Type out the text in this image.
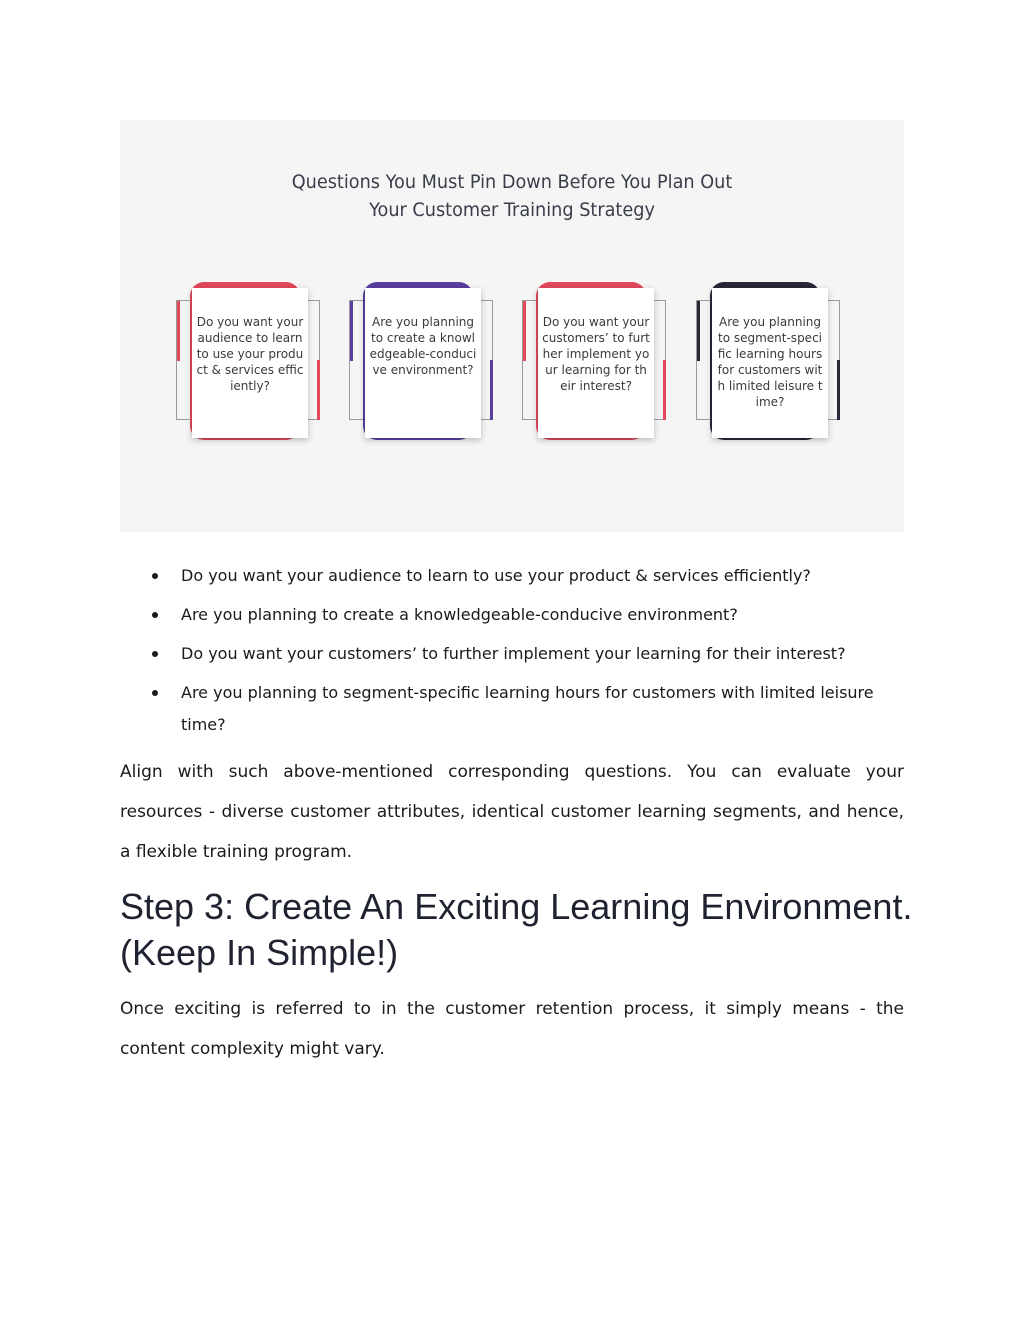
Questions You Must Pin Down Before You Plan Out
Your Customer Training Strategy
Do you want your audience to learn to use your product & services efficiently?
Are you planning to create a knowledgeable-conducive environment?
Do you want your customers’ to further implement your learning for their interest?
Are you planning to segment-specific learning hours for customers with limited leisure time?
Do you want your audience to learn to use your product & services efficiently?
Are you planning to create a knowledgeable-conducive environment?
Do you want your customers’ to further implement your learning for their interest?
Are you planning to segment-specific learning hours for customers with limited leisure time?

Align with such above-mentioned corresponding questions. You can evaluate your resources - diverse customer attributes, identical customer learning segments, and hence, a flexible training program.

Step 3: Create An Exciting Learning Environment. (Keep In Simple!)

Once exciting is referred to in the customer retention process, it simply means - the content complexity might vary.
